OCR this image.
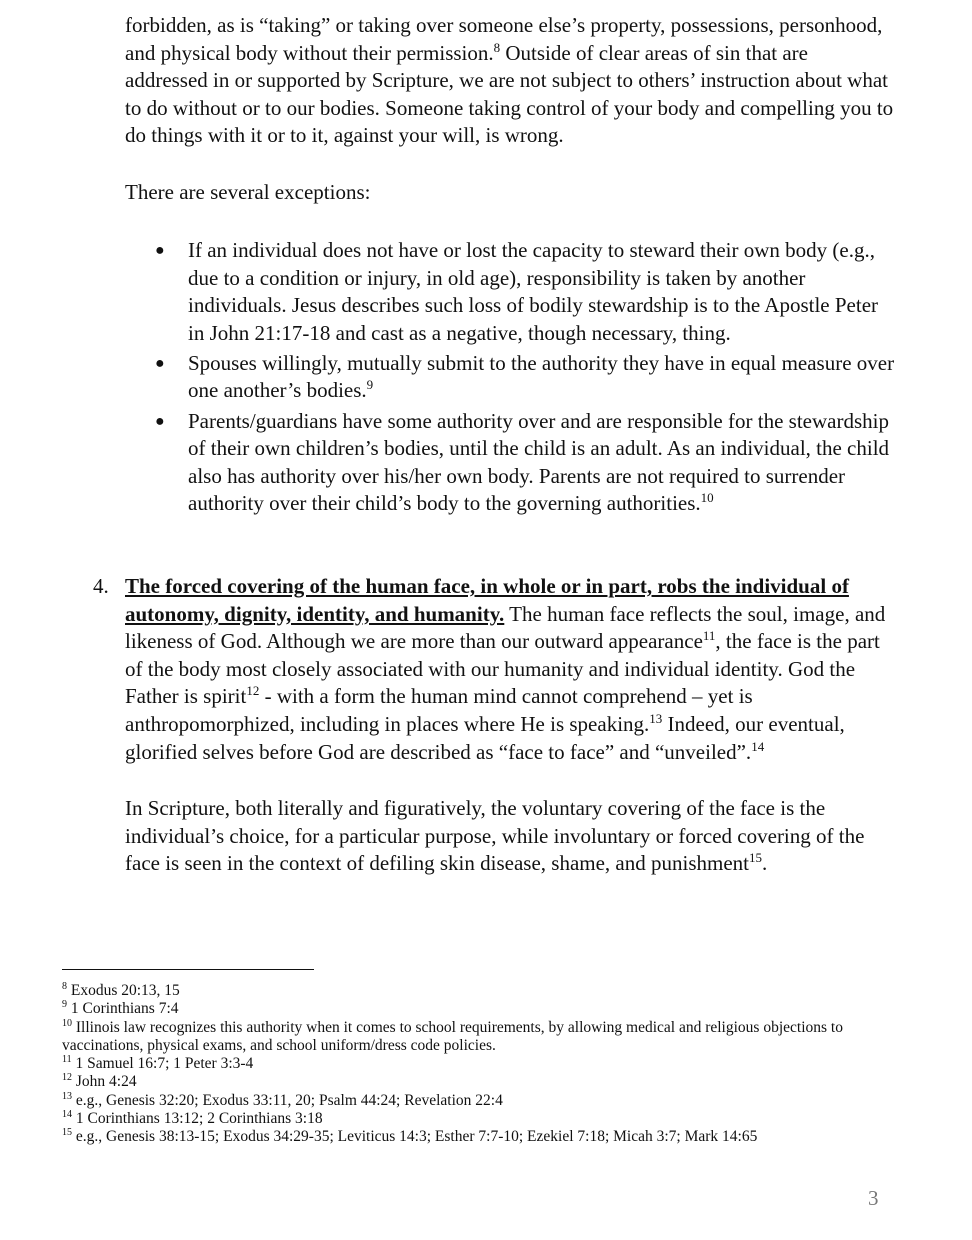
forbidden, as is “taking” or taking over someone else’s property, possessions, personhood, and physical body without their permission.$^8$ Outside of clear areas of sin that are addressed in or supported by Scripture, we are not subject to others’ instruction about what to do without or to our bodies. Someone taking control of your body and compelling you to do things with it or to it, against your will, is wrong.
There are several exceptions:
● If an individual does not have or lost the capacity to steward their own body (e.g., due to a condition or injury, in old age), responsibility is taken by another individuals. Jesus describes such loss of bodily stewardship is to the Apostle Peter in John 21:17-18 and cast as a negative, though necessary, thing.
● Spouses willingly, mutually submit to the authority they have in equal measure over one another’s bodies.$^9$
● Parents/guardians have some authority over and are responsible for the stewardship of their own children’s bodies, until the child is an adult. As an individual, the child also has authority over his/her own body. Parents are not required to surrender authority over their child’s body to the governing authorities.$^{10}$
4. The forced covering of the human face, in whole or in part, robs the individual of autonomy, dignity, identity, and humanity. The human face reflects the soul, image, and likeness of God. Although we are more than our outward appearance$^{11}$, the face is the part of the body most closely associated with our humanity and individual identity. God the Father is spirit$^{12}$ - with a form the human mind cannot comprehend – yet is anthropomorphized, including in places where He is speaking.$^{13}$ Indeed, our eventual, glorified selves before God are described as “face to face” and “unveiled”.$^{14}$
In Scripture, both literally and figuratively, the voluntary covering of the face is the individual’s choice, for a particular purpose, while involuntary or forced covering of the face is seen in the context of defiling skin disease, shame, and punishment$^{15}$.
$^8$ Exodus 20:13, 15
$^9$ 1 Corinthians 7:4
$^{10}$ Illinois law recognizes this authority when it comes to school requirements, by allowing medical and religious objections to vaccinations, physical exams, and school uniform/dress code policies.
$^{11}$ 1 Samuel 16:7; 1 Peter 3:3-4
$^{12}$ John 4:24
$^{13}$ e.g., Genesis 32:20; Exodus 33:11, 20; Psalm 44:24; Revelation 22:4
$^{14}$ 1 Corinthians 13:12; 2 Corinthians 3:18
$^{15}$ e.g., Genesis 38:13-15; Exodus 34:29-35; Leviticus 14:3; Esther 7:7-10; Ezekiel 7:18; Micah 3:7; Mark 14:65
3
